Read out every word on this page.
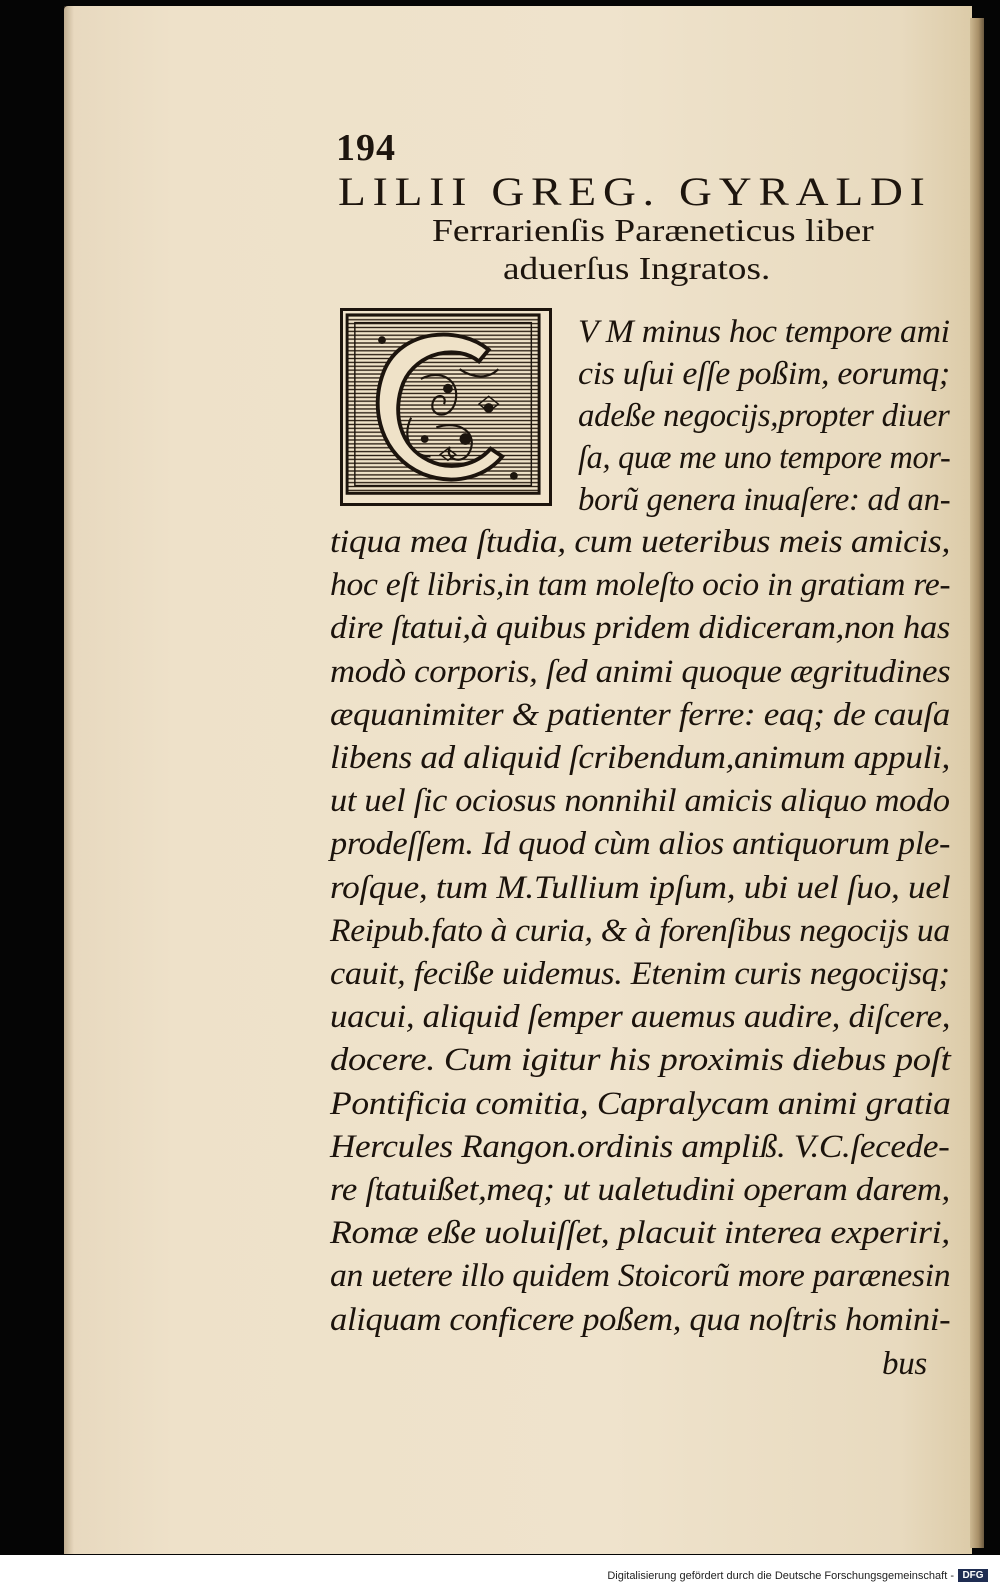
194
LILII GREG. GYRALDI
Ferrarienſis Paræneticus liber
aduerſus Ingratos.
V M minus hoc tempore ami
cis uſui eſſe poßim, eorumq;
adeße negocijs,propter diuer
ſa, quæ me uno tempore mor-
borũ genera inuaſere: ad an-
tiqua mea ſtudia, cum ueteribus meis amicis,
hoc eſt libris,in tam moleſto ocio in gratiam re-
dire ſtatui,à quibus pridem didiceram,non has
modò corporis, ſed animi quoque ægritudines
æquanimiter & patienter ferre: eaq; de cauſa
libens ad aliquid ſcribendum,animum appuli,
ut uel ſic ociosus nonnihil amicis aliquo modo
prodeſſem. Id quod cùm alios antiquorum ple-
roſque, tum M.Tullium ipſum, ubi uel ſuo, uel
Reipub.fato à curia, & à forenſibus negocijs ua
cauit, feciße uidemus. Etenim curis negocijsq;
uacui, aliquid ſemper auemus audire, diſcere,
docere. Cum igitur his proximis diebus poſt
Pontificia comitia, Capralycam animi gratia
Hercules Rangon.ordinis ampliß. V.C.ſecede-
re ſtatuißet,meq; ut ualetudini operam darem,
Romæ eße uoluiſſet, placuit interea experiri,
an uetere illo quidem Stoicorũ more parænesin
aliquam conficere poßem, qua noſtris homini-
bus
Digitalisierung gefördert durch die Deutsche Forschungsgemeinschaft - DFG
